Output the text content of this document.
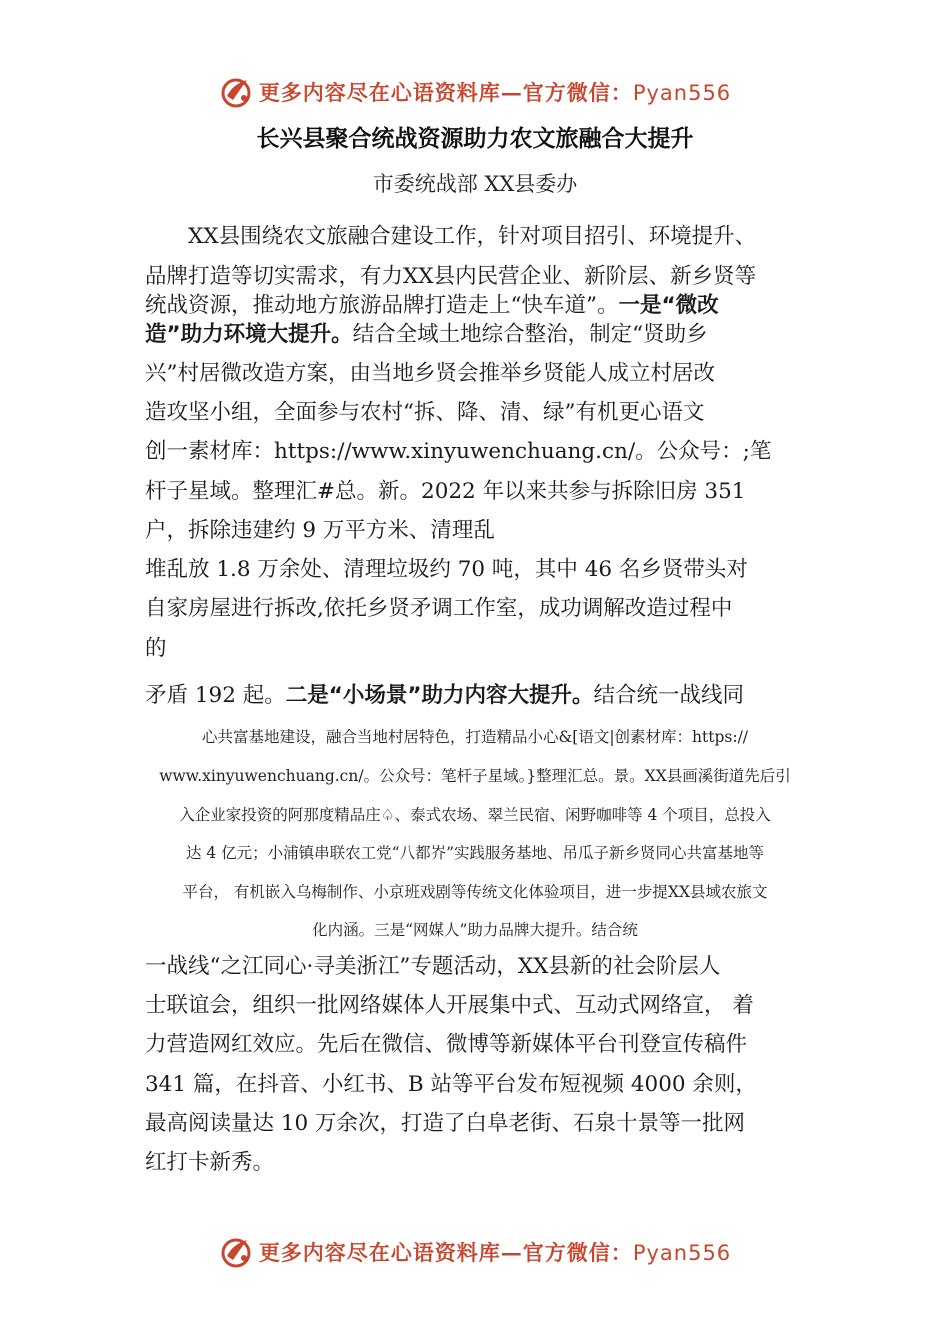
更多内容尽在心语资料库—官方微信：Pyan556
长兴县聚合统战资源助力农文旅融合大提升

市委统战部 XX县委办

　　XX县围绕农文旅融合建设工作，针对项目招引、环境提升、

品牌打造等切实需求，有力XX县内民营企业、新阶层、新乡贤等

统战资源，推动地方旅游品牌打造走上“快车道”。一是“微改

造”助力环境大提升。结合全域土地综合整治，制定“贤助乡

兴”村居微改造方案，由当地乡贤会推举乡贤能人成立村居改

造攻坚小组，全面参与农村“拆、降、清、绿”有机更心语文

创一素材库：https://www.xinyuwenchuang.cn/。公众号：;笔

杆子星域。整理汇#总。新。2022 年以来共参与拆除旧房 351

户，拆除违建约 9 万平方米、清理乱

堆乱放 1.8 万余处、清理垃圾约 70 吨，其中 46 名乡贤带头对

自家房屋进行拆改,依托乡贤矛调工作室，成功调解改造过程中

的

矛盾 192 起。二是“小场景”助力内容大提升。结合统一战线同

心共富基地建设，融合当地村居特色，打造精品小心&[语文|创素材库：https://

www.xinyuwenchuang.cn/。公众号：笔杆子星域。}整理汇总。景。XX县画溪街道先后引

入企业家投资的阿那度精品庄♤、泰式农场、翠兰民宿、闲野咖啡等 4 个项目，总投入

达 4 亿元；小浦镇串联农工党“八都岕”实践服务基地、吊瓜子新乡贤同心共富基地等

平台， 有机嵌入乌梅制作、小京班戏剧等传统文化体验项目，进一步提XX县域农旅文

化内涵。三是“网媒人”助力品牌大提升。结合统

一战线“之江同心·寻美浙江”专题活动，XX县新的社会阶层人

士联谊会，组织一批网络媒体人开展集中式、互动式网络宣， 着

力营造网红效应。先后在微信、微博等新媒体平台刊登宣传稿件

341 篇，在抖音、小红书、B 站等平台发布短视频 4000 余则，

最高阅读量达 10 万余次，打造了白阜老街、石泉十景等一批网

红打卡新秀。

更多内容尽在心语资料库—官方微信：Pyan556
